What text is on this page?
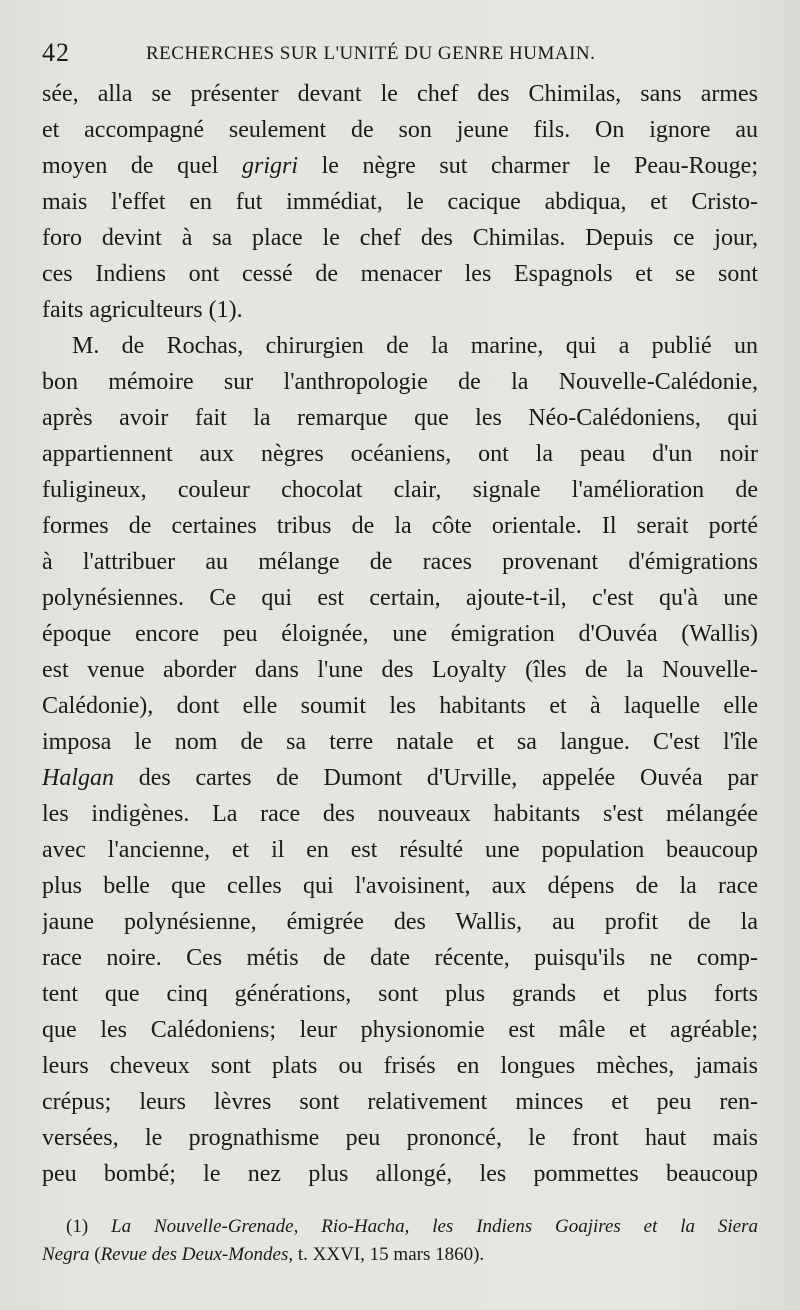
42	RECHERCHES SUR L'UNITÉ DU GENRE HUMAIN.
sée, alla se présenter devant le chef des Chimilas, sans armes
et accompagné seulement de son jeune fils. On ignore au
moyen de quel grigri le nègre sut charmer le Peau-Rouge;
mais l'effet en fut immédiat, le cacique abdiqua, et Cristo-
foro devint à sa place le chef des Chimilas. Depuis ce jour,
ces Indiens ont cessé de menacer les Espagnols et se sont
faits agriculteurs (1).
M. de Rochas, chirurgien de la marine, qui a publié un
bon mémoire sur l'anthropologie de la Nouvelle-Calédonie,
après avoir fait la remarque que les Néo-Calédoniens, qui
appartiennent aux nègres océaniens, ont la peau d'un noir
fuligineux, couleur chocolat clair, signale l'amélioration de
formes de certaines tribus de la côte orientale. Il serait porté
à l'attribuer au mélange de races provenant d'émigrations
polynésiennes. Ce qui est certain, ajoute-t-il, c'est qu'à une
époque encore peu éloignée, une émigration d'Ouvéa (Wallis)
est venue aborder dans l'une des Loyalty (îles de la Nouvelle-
Calédonie), dont elle soumit les habitants et à laquelle elle
imposa le nom de sa terre natale et sa langue. C'est l'île
Halgan des cartes de Dumont d'Urville, appelée Ouvéa par
les indigènes. La race des nouveaux habitants s'est mélangée
avec l'ancienne, et il en est résulté une population beaucoup
plus belle que celles qui l'avoisinent, aux dépens de la race
jaune polynésienne, émigrée des Wallis, au profit de la
race noire. Ces métis de date récente, puisqu'ils ne comp-
tent que cinq générations, sont plus grands et plus forts
que les Calédoniens; leur physionomie est mâle et agréable;
leurs cheveux sont plats ou frisés en longues mèches, jamais
crépus; leurs lèvres sont relativement minces et peu ren-
versées, le prognathisme peu prononcé, le front haut mais
peu bombé; le nez plus allongé, les pommettes beaucoup
(1) La Nouvelle-Grenade, Rio-Hacha, les Indiens Goajires et la Siera
Negra (Revue des Deux-Mondes, t. XXVI, 15 mars 1860).
